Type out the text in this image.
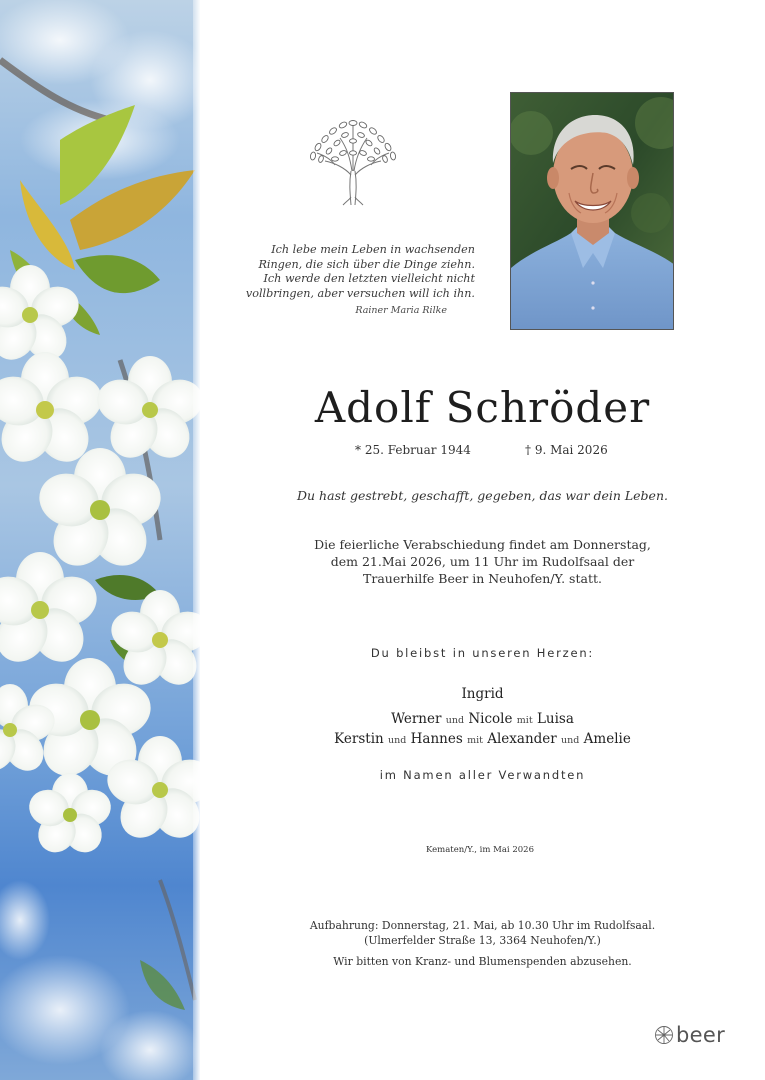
Ich lebe mein Leben in wachsenden
Ringen, die sich über die Dinge ziehn.
Ich werde den letzten vielleicht nicht
vollbringen, aber versuchen will ich ihn.
Rainer Maria Rilke
Adolf Schröder
* 25. Februar 1944	† 9. Mai 2026
Du hast gestrebt, geschafft, gegeben, das war dein Leben.
Die feierliche Verabschiedung findet am Donnerstag,
dem 21.Mai 2026, um 11 Uhr im Rudolfsaal der
Trauerhilfe Beer in Neuhofen/Y. statt.
Du bleibst in unseren Herzen:
Ingrid
Werner und Nicole mit Luisa
Kerstin und Hannes mit Alexander und Amelie
im Namen aller Verwandten
Kematen/Y., im Mai 2026
Aufbahrung: Donnerstag, 21. Mai, ab 10.30 Uhr im Rudolfsaal.
(Ulmerfelder Straße 13, 3364 Neuhofen/Y.)
Wir bitten von Kranz- und Blumenspenden abzusehen.
beer
